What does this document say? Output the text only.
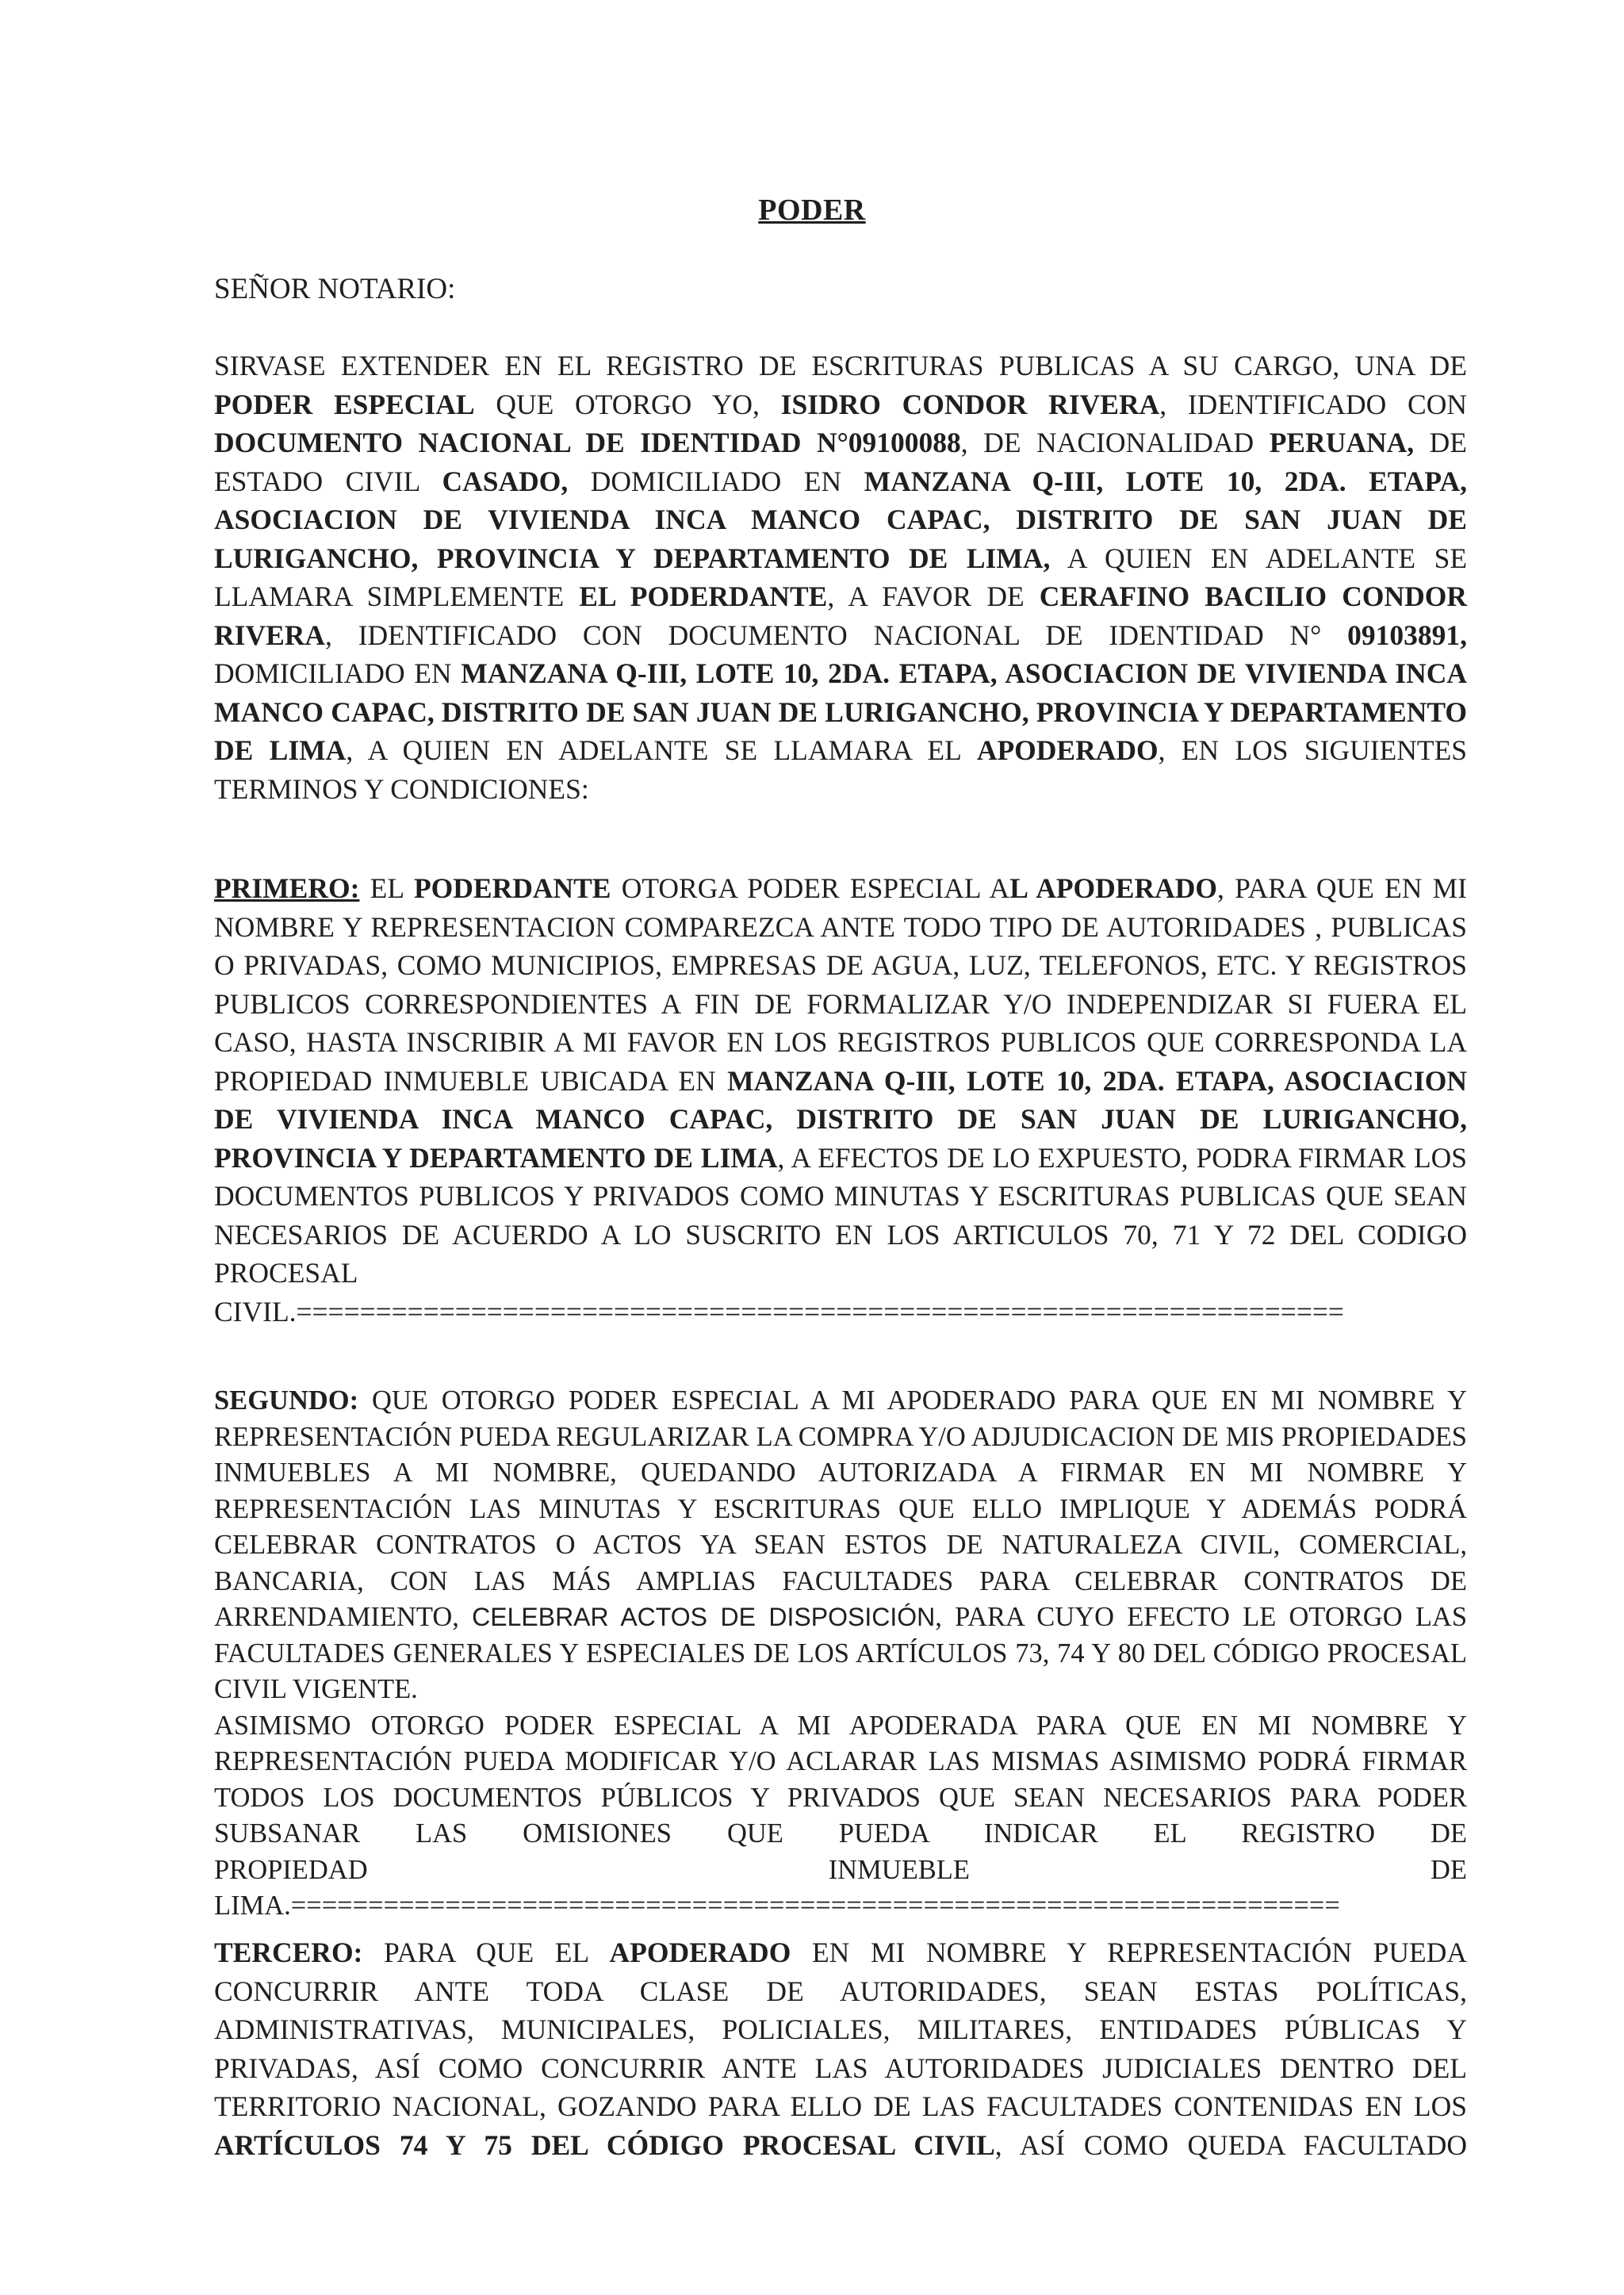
PODER
SEÑOR NOTARIO:
SIRVASE EXTENDER EN EL REGISTRO DE ESCRITURAS PUBLICAS A SU CARGO, UNA DE PODER ESPECIAL QUE OTORGO YO, ISIDRO CONDOR RIVERA, IDENTIFICADO CON DOCUMENTO NACIONAL DE IDENTIDAD N°09100088, DE NACIONALIDAD PERUANA, DE ESTADO CIVIL CASADO, DOMICILIADO EN MANZANA Q-III, LOTE 10, 2DA. ETAPA, ASOCIACION DE VIVIENDA INCA MANCO CAPAC, DISTRITO DE SAN JUAN DE LURIGANCHO, PROVINCIA Y DEPARTAMENTO DE LIMA, A QUIEN EN ADELANTE SE LLAMARA SIMPLEMENTE EL PODERDANTE, A FAVOR DE CERAFINO BACILIO CONDOR RIVERA, IDENTIFICADO CON DOCUMENTO NACIONAL DE IDENTIDAD N° 09103891, DOMICILIADO EN MANZANA Q-III, LOTE 10, 2DA. ETAPA, ASOCIACION DE VIVIENDA INCA MANCO CAPAC, DISTRITO DE SAN JUAN DE LURIGANCHO, PROVINCIA Y DEPARTAMENTO DE LIMA, A QUIEN EN ADELANTE SE LLAMARA EL APODERADO, EN LOS SIGUIENTES TERMINOS Y CONDICIONES:
PRIMERO: EL PODERDANTE OTORGA PODER ESPECIAL AL APODERADO, PARA QUE EN MI NOMBRE Y REPRESENTACION COMPAREZCA ANTE TODO TIPO DE AUTORIDADES , PUBLICAS O PRIVADAS, COMO MUNICIPIOS, EMPRESAS DE AGUA, LUZ, TELEFONOS, ETC. Y REGISTROS PUBLICOS CORRESPONDIENTES A FIN DE FORMALIZAR Y/O INDEPENDIZAR SI FUERA EL CASO, HASTA INSCRIBIR A MI FAVOR EN LOS REGISTROS PUBLICOS QUE CORRESPONDA LA PROPIEDAD INMUEBLE UBICADA EN MANZANA Q-III, LOTE 10, 2DA. ETAPA, ASOCIACION DE VIVIENDA INCA MANCO CAPAC, DISTRITO DE SAN JUAN DE LURIGANCHO, PROVINCIA Y DEPARTAMENTO DE LIMA, A EFECTOS DE LO EXPUESTO, PODRA FIRMAR LOS DOCUMENTOS PUBLICOS Y PRIVADOS COMO MINUTAS Y ESCRITURAS PUBLICAS QUE SEAN NECESARIOS DE ACUERDO A LO SUSCRITO EN LOS ARTICULOS 70, 71 Y 72 DEL CODIGO PROCESAL
CIVIL.==================================================================
SEGUNDO: QUE OTORGO PODER ESPECIAL A MI APODERADO PARA QUE EN MI NOMBRE Y REPRESENTACIÓN PUEDA REGULARIZAR LA COMPRA Y/O ADJUDICACION DE MIS PROPIEDADES INMUEBLES A MI NOMBRE, QUEDANDO AUTORIZADA A FIRMAR EN MI NOMBRE Y REPRESENTACIÓN LAS MINUTAS Y ESCRITURAS QUE ELLO IMPLIQUE Y ADEMÁS PODRÁ CELEBRAR CONTRATOS O ACTOS YA SEAN ESTOS DE NATURALEZA CIVIL, COMERCIAL, BANCARIA, CON LAS MÁS AMPLIAS FACULTADES PARA CELEBRAR CONTRATOS DE ARRENDAMIENTO, CELEBRAR ACTOS DE DISPOSICIÓN, PARA CUYO EFECTO LE OTORGO LAS FACULTADES GENERALES Y ESPECIALES DE LOS ARTÍCULOS 73, 74 Y 80 DEL CÓDIGO PROCESAL CIVIL VIGENTE.
ASIMISMO OTORGO PODER ESPECIAL A MI APODERADA PARA QUE EN MI NOMBRE Y REPRESENTACIÓN PUEDA MODIFICAR Y/O ACLARAR LAS MISMAS ASIMISMO PODRÁ FIRMAR TODOS LOS DOCUMENTOS PÚBLICOS Y PRIVADOS QUE SEAN NECESARIOS PARA PODER SUBSANAR LAS OMISIONES QUE PUEDA INDICAR EL REGISTRO DE
PROPIEDAD INMUEBLE DE
LIMA.====================================================================
TERCERO: PARA QUE EL APODERADO EN MI NOMBRE Y REPRESENTACIÓN PUEDA CONCURRIR ANTE TODA CLASE DE AUTORIDADES, SEAN ESTAS POLÍTICAS, ADMINISTRATIVAS, MUNICIPALES, POLICIALES, MILITARES, ENTIDADES PÚBLICAS Y PRIVADAS, ASÍ COMO CONCURRIR ANTE LAS AUTORIDADES JUDICIALES DENTRO DEL TERRITORIO NACIONAL, GOZANDO PARA ELLO DE LAS FACULTADES CONTENIDAS EN LOS ARTÍCULOS 74 Y 75 DEL CÓDIGO PROCESAL CIVIL, ASÍ COMO QUEDA FACULTADO
